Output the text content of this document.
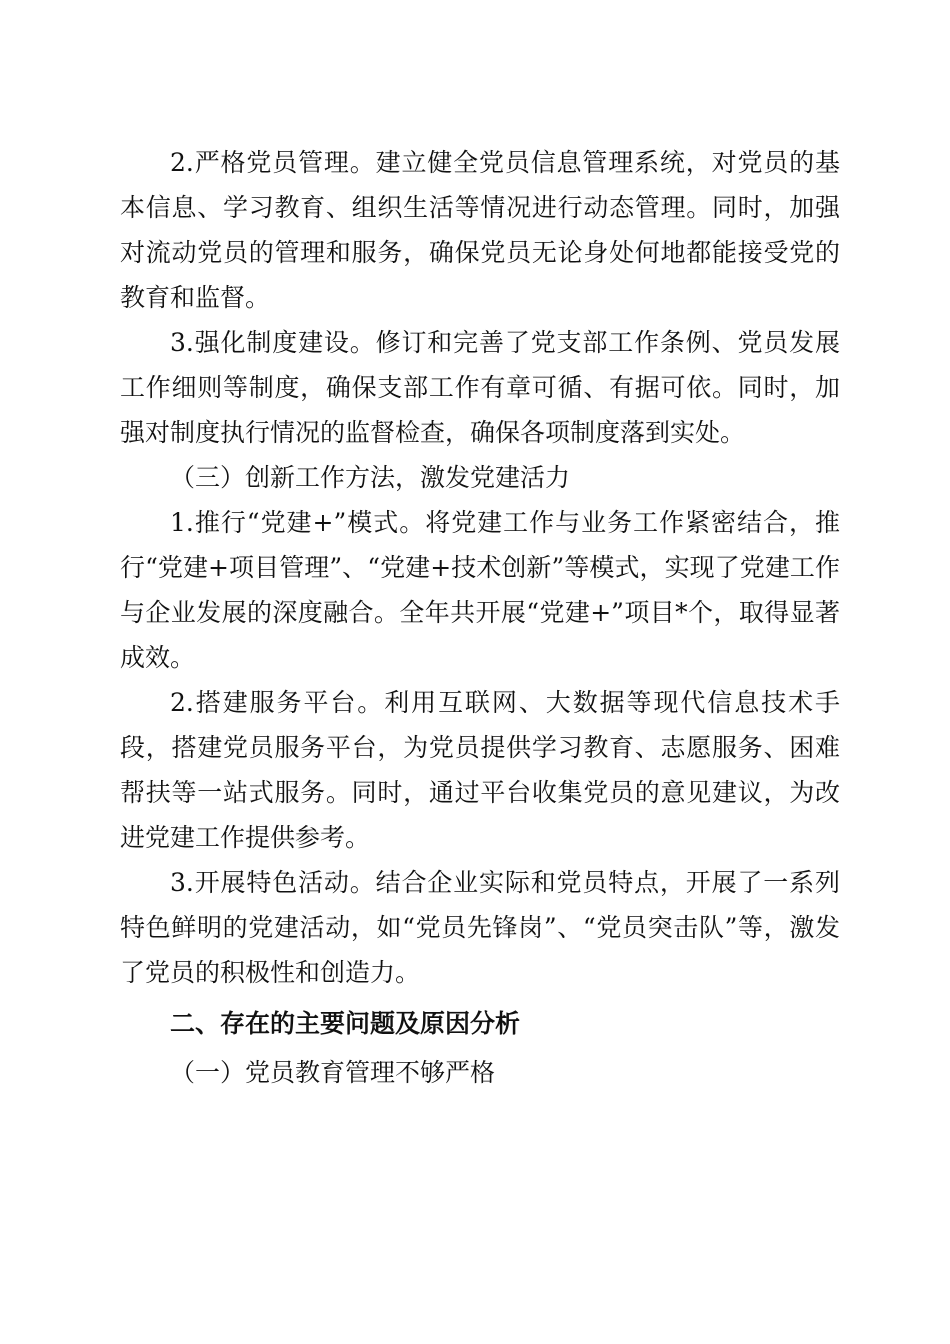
2.严格党员管理。建立健全党员信息管理系统，对党员的基本信息、学习教育、组织生活等情况进行动态管理。同时，加强对流动党员的管理和服务，确保党员无论身处何地都能接受党的教育和监督。

3.强化制度建设。修订和完善了党支部工作条例、党员发展工作细则等制度，确保支部工作有章可循、有据可依。同时，加强对制度执行情况的监督检查，确保各项制度落到实处。

（三）创新工作方法，激发党建活力

1.推行“党建+”模式。将党建工作与业务工作紧密结合，推行“党建+项目管理”、“党建+技术创新”等模式，实现了党建工作与企业发展的深度融合。全年共开展“党建+”项目*个，取得显著成效。

2.搭建服务平台。利用互联网、大数据等现代信息技术手段，搭建党员服务平台，为党员提供学习教育、志愿服务、困难帮扶等一站式服务。同时，通过平台收集党员的意见建议，为改进党建工作提供参考。

3.开展特色活动。结合企业实际和党员特点，开展了一系列特色鲜明的党建活动，如“党员先锋岗”、“党员突击队”等，激发了党员的积极性和创造力。

二、存在的主要问题及原因分析

（一）党员教育管理不够严格
